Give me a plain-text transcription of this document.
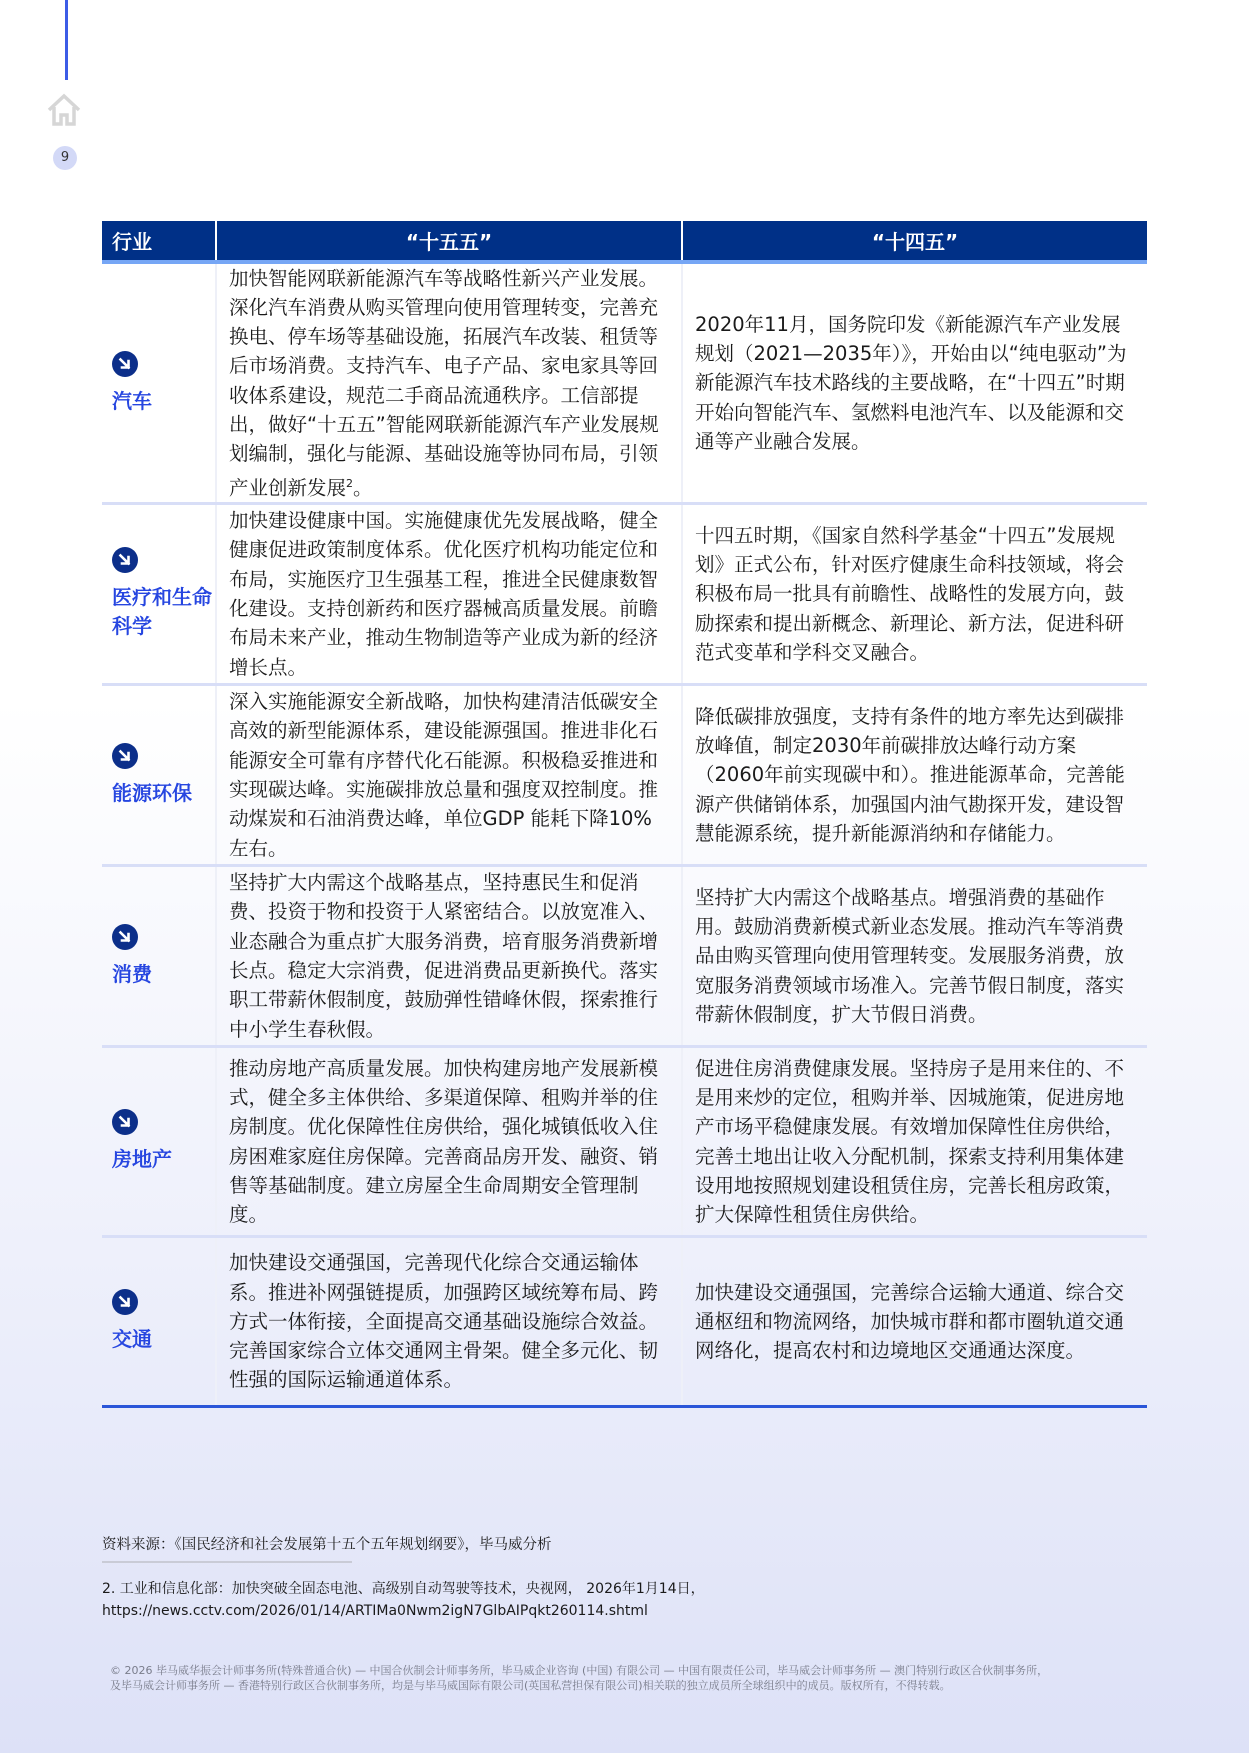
9
行业	“十五五”	“十四五”
汽车
加快智能网联新能源汽车等战略性新兴产业发展。深化汽车消费从购买管理向使用管理转变，完善充换电、停车场等基础设施，拓展汽车改装、租赁等后市场消费。支持汽车、电子产品、家电家具等回收体系建设，规范二手商品流通秩序。工信部提出，做好“十五五”智能网联新能源汽车产业发展规划编制，强化与能源、基础设施等协同布局，引领产业创新发展$^2$。
2020年11月，国务院印发《新能源汽车产业发展规划（2021—2035年）》，开始由以“纯电驱动”为新能源汽车技术路线的主要战略，在“十四五”时期开始向智能汽车、氢燃料电池汽车、以及能源和交通等产业融合发展。
医疗和生命科学
加快建设健康中国。实施健康优先发展战略，健全健康促进政策制度体系。优化医疗机构功能定位和布局，实施医疗卫生强基工程，推进全民健康数智化建设。支持创新药和医疗器械高质量发展。前瞻布局未来产业，推动生物制造等产业成为新的经济增长点。
十四五时期，《国家自然科学基金“十四五”发展规划》正式公布，针对医疗健康生命科技领域，将会积极布局一批具有前瞻性、战略性的发展方向，鼓励探索和提出新概念、新理论、新方法，促进科研范式变革和学科交叉融合。
能源环保
深入实施能源安全新战略，加快构建清洁低碳安全高效的新型能源体系，建设能源强国。推进非化石能源安全可靠有序替代化石能源。积极稳妥推进和实现碳达峰。实施碳排放总量和强度双控制度。推动煤炭和石油消费达峰，单位GDP 能耗下降10%左右。
降低碳排放强度，支持有条件的地方率先达到碳排放峰值，制定2030年前碳排放达峰行动方案（2060年前实现碳中和）。推进能源革命，完善能源产供储销体系，加强国内油气勘探开发，建设智慧能源系统，提升新能源消纳和存储能力。
消费
坚持扩大内需这个战略基点，坚持惠民生和促消费、投资于物和投资于人紧密结合。以放宽准入、业态融合为重点扩大服务消费，培育服务消费新增长点。稳定大宗消费，促进消费品更新换代。落实职工带薪休假制度，鼓励弹性错峰休假，探索推行中小学生春秋假。
坚持扩大内需这个战略基点。增强消费的基础作用。鼓励消费新模式新业态发展。推动汽车等消费品由购买管理向使用管理转变。发展服务消费，放宽服务消费领域市场准入。完善节假日制度，落实带薪休假制度，扩大节假日消费。
房地产
推动房地产高质量发展。加快构建房地产发展新模式，健全多主体供给、多渠道保障、租购并举的住房制度。优化保障性住房供给，强化城镇低收入住房困难家庭住房保障。完善商品房开发、融资、销售等基础制度。建立房屋全生命周期安全管理制度。
促进住房消费健康发展。坚持房子是用来住的、不是用来炒的定位，租购并举、因城施策，促进房地产市场平稳健康发展。有效增加保障性住房供给，完善土地出让收入分配机制，探索支持利用集体建设用地按照规划建设租赁住房，完善长租房政策，扩大保障性租赁住房供给。
交通
加快建设交通强国，完善现代化综合交通运输体系。推进补网强链提质，加强跨区域统筹布局、跨方式一体衔接，全面提高交通基础设施综合效益。完善国家综合立体交通网主骨架。健全多元化、韧性强的国际运输通道体系。
加快建设交通强国，完善综合运输大通道、综合交通枢纽和物流网络，加快城市群和都市圈轨道交通网络化，提高农村和边境地区交通通达深度。
资料来源：《国民经济和社会发展第十五个五年规划纲要》，毕马威分析
2. 工业和信息化部：加快突破全固态电池、高级别自动驾驶等技术，央视网， 2026年1月14日，
https://news.cctv.com/2026/01/14/ARTIMa0Nwm2igN7GlbAIPqkt260114.shtml
© 2026 毕马威华振会计师事务所(特殊普通合伙) — 中国合伙制会计师事务所，毕马威企业咨询 (中国) 有限公司 — 中国有限责任公司，毕马威会计师事务所 — 澳门特别行政区合伙制事务所，
及毕马威会计师事务所 — 香港特别行政区合伙制事务所，均是与毕马威国际有限公司(英国私营担保有限公司)相关联的独立成员所全球组织中的成员。版权所有，不得转载。
